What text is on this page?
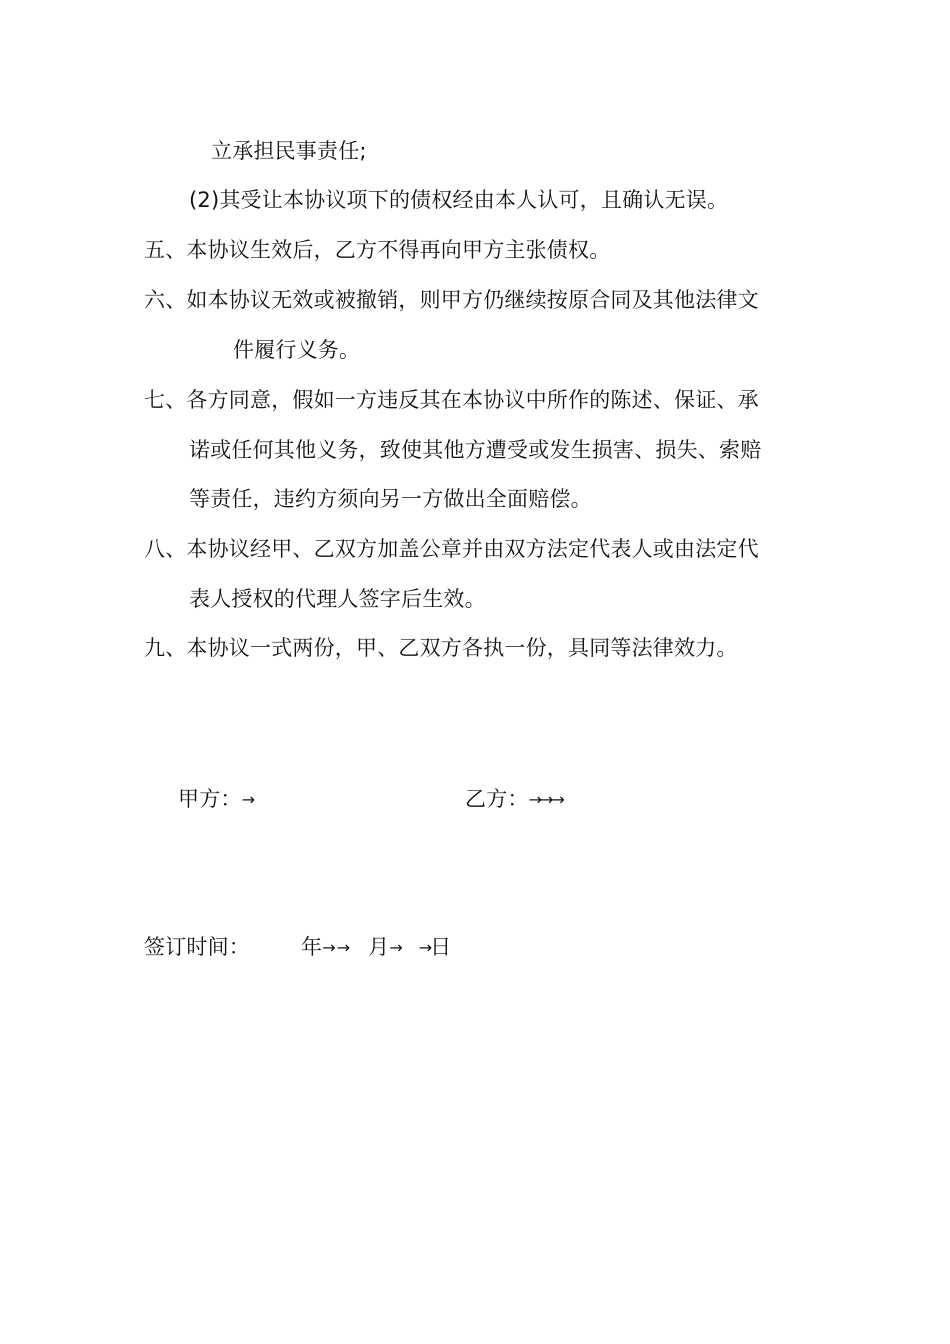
立承担民事责任;
(2)其受让本协议项下的债权经由本人认可，且确认无误。
五、本协议生效后，乙方不得再向甲方主张债权。
六、如本协议无效或被撤销，则甲方仍继续按原合同及其他法律文
件履行义务。
七、各方同意，假如一方违反其在本协议中所作的陈述、保证、承
诺或任何其他义务，致使其他方遭受或发生损害、损失、索赔
等责任，违约方须向另一方做出全面赔偿。
八、本协议经甲、乙双方加盖公章并由双方法定代表人或由法定代
表人授权的代理人签字后生效。
九、本协议一式两份，甲、乙双方各执一份，具同等法律效力。
甲方：→	乙方：→→→
签订时间： 年→ → 月→ →日
